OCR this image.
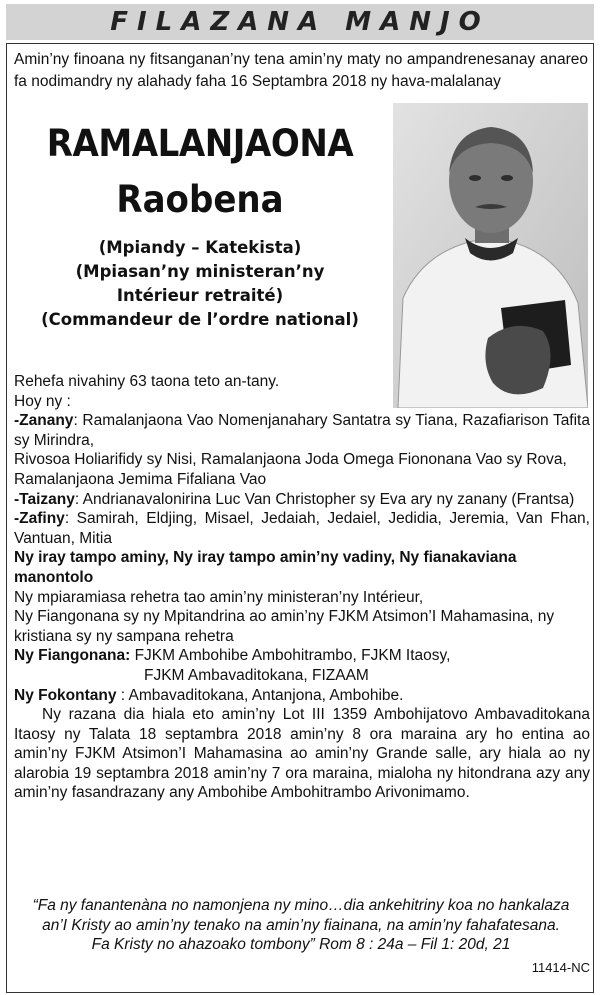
FILAZANA MANJO
Amin’ny finoana ny fitsanganan’ny tena amin’ny maty no ampandrenesanay anareo fa nodimandry ny alahady faha 16 Septambra 2018 ny hava-malalanay
RAMALANJAONA
Raobena
(Mpiandy – Katekista)
(Mpiasan’ny ministeran’ny
Intérieur retraité)
(Commandeur de l’ordre national)

Rehefa nivahiny 63 taona teto an-tany.

Hoy ny :

-Zanany: Ramalanjaona Vao Nomenjanahary Santatra sy Tiana, Razafiarison Tafita sy Mirindra,

Rivosoa Holiarifidy sy Nisi, Ramalanjaona Joda Omega Fiononana Vao sy Rova,

Ramalanjaona Jemima Fifaliana Vao

-Taizany: Andrianavalonirina Luc Van Christopher sy Eva ary ny zanany (Frantsa)

-Zafiny: Samirah, Eldjing, Misael, Jedaiah, Jedaiel, Jedidia, Jeremia, Van Fhan, Vantuan, Mitia

Ny iray tampo aminy, Ny iray tampo amin’ny vadiny, Ny fianakaviana manontolo

Ny mpiaramiasa rehetra tao amin’ny ministeran’ny Intérieur,

Ny Fiangonana sy ny Mpitandrina ao amin’ny FJKM Atsimon’I Mahamasina, ny kristiana sy ny sampana rehetra

Ny Fiangonana: FJKM Ambohibe Ambohitrambo, FJKM Itaosy,

FJKM Ambavaditokana, FIZAAM

Ny Fokontany : Ambavaditokana, Antanjona, Ambohibe.

Ny razana dia hiala eto amin’ny Lot III 1359 Ambohijatovo Ambavaditokana Itaosy ny Talata 18 septambra 2018 amin’ny 8 ora maraina ary ho entina ao amin’ny FJKM Atsimon’I Mahamasina ao amin’ny Grande salle, ary hiala ao ny alarobia 19 septambra 2018 amin’ny 7 ora maraina, mialoha ny hitondrana azy any amin’ny fasandrazany any Ambohibe Ambohitrambo Arivonimamo.

“Fa ny fanantenàna no namonjena ny mino…dia ankehitriny koa no hankalaza
an’I Kristy ao amin’ny tenako na amin’ny fiainana, na amin’ny fahafatesana.
Fa Kristy no ahazoako tombony” Rom 8 : 24a – Fil 1: 20d, 21
11414-NC
